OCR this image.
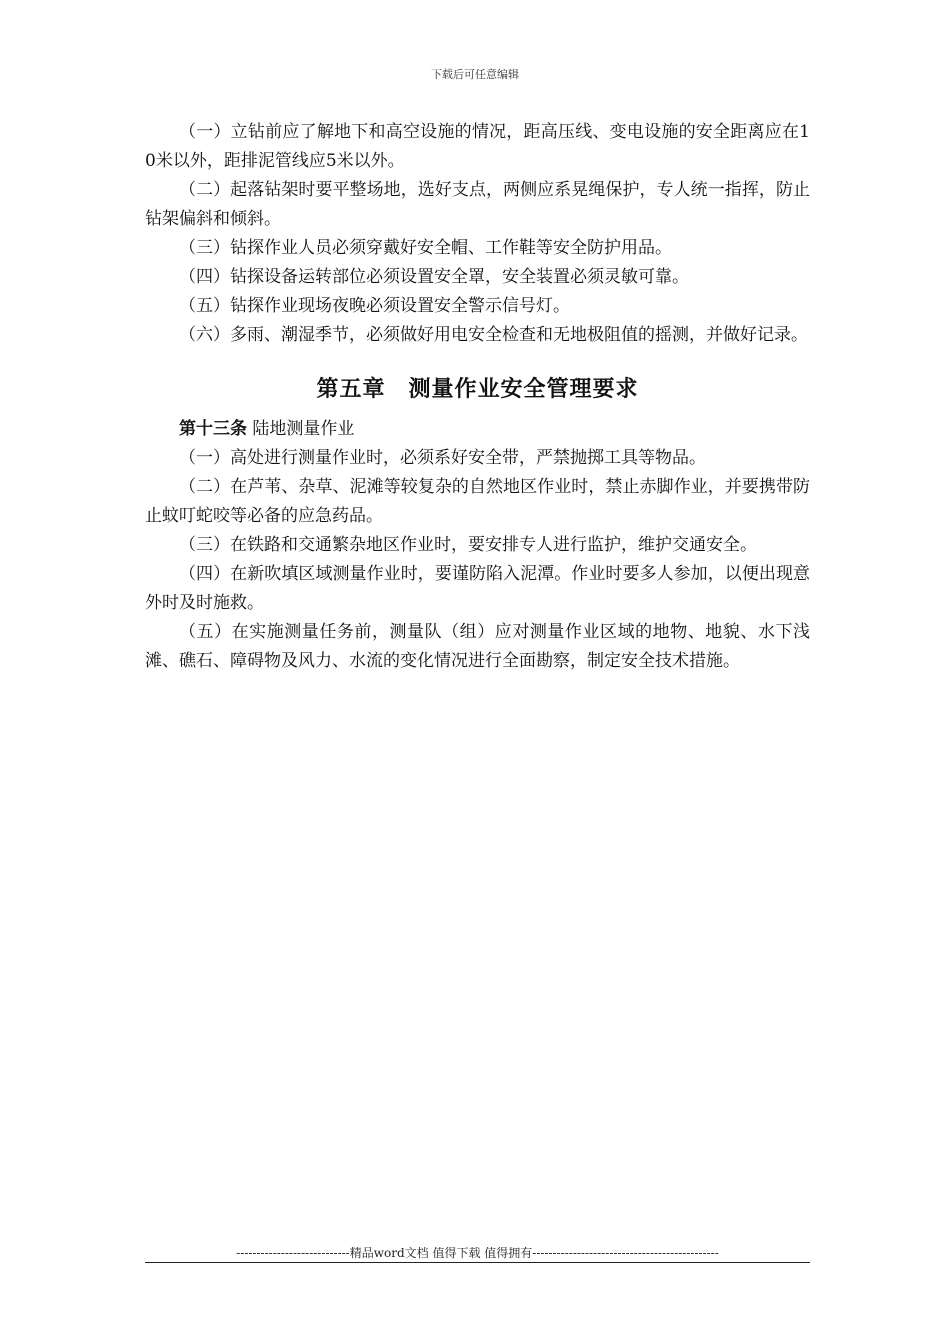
下载后可任意编辑

（一）立钻前应了解地下和高空设施的情况，距高压线、变电设施的安全距离应在10米以外，距排泥管线应5米以外。

（二）起落钻架时要平整场地，选好支点，两侧应系晃绳保护，专人统一指挥，防止钻架偏斜和倾斜。

（三）钻探作业人员必须穿戴好安全帽、工作鞋等安全防护用品。

（四）钻探设备运转部位必须设置安全罩，安全装置必须灵敏可靠。

（五）钻探作业现场夜晚必须设置安全警示信号灯。

（六）多雨、潮湿季节，必须做好用电安全检查和无地极阻值的摇测，并做好记录。

第五章　测量作业安全管理要求

第十三条 陆地测量作业

（一）高处进行测量作业时，必须系好安全带，严禁抛掷工具等物品。

（二）在芦苇、杂草、泥滩等较复杂的自然地区作业时，禁止赤脚作业，并要携带防止蚊叮蛇咬等必备的应急药品。

（三）在铁路和交通繁杂地区作业时，要安排专人进行监护，维护交通安全。

（四）在新吹填区域测量作业时，要谨防陷入泥潭。作业时要多人参加，以便出现意外时及时施救。

（五）在实施测量任务前，测量队（组）应对测量作业区域的地物、地貌、水下浅滩、礁石、障碍物及风力、水流的变化情况进行全面勘察，制定安全技术措施。

----------------------------精品word文档 值得下载 值得拥有----------------------------------------------
